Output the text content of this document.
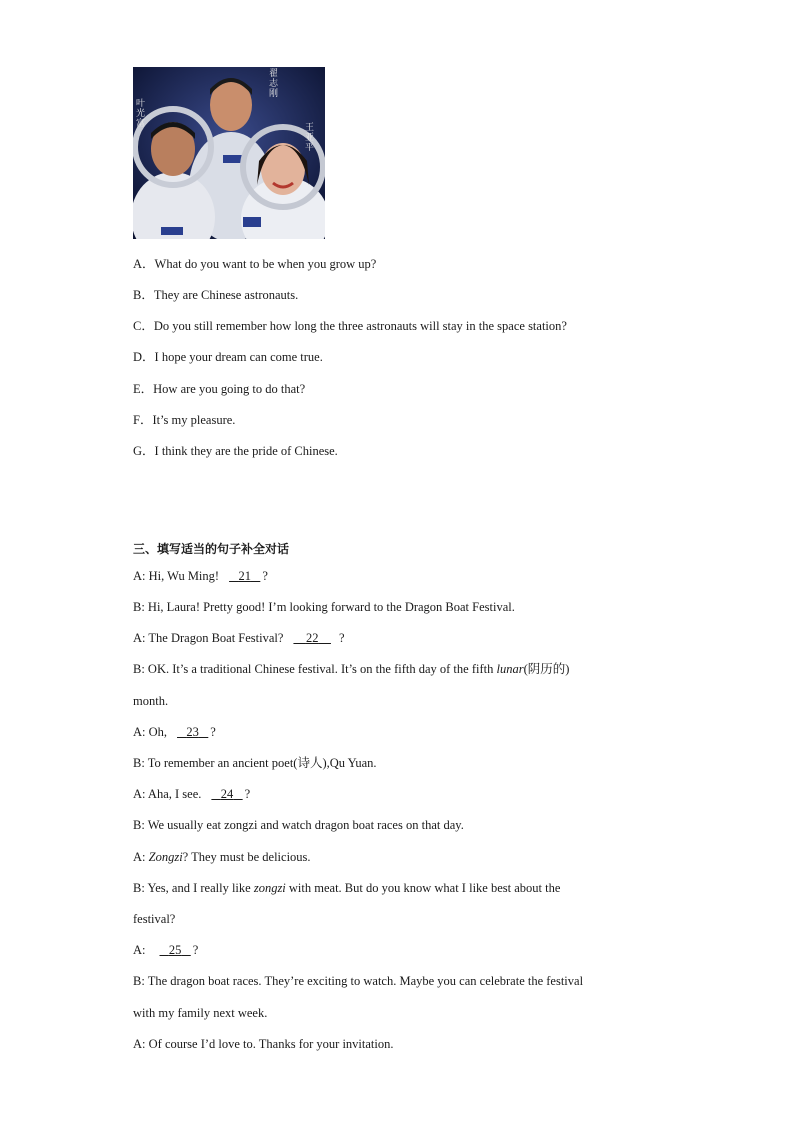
翟志刚
叶光富	王亚平
A．What do you want to be when you grow up?
B．They are Chinese astronauts.
C．Do you still remember how long the three astronauts will stay in the space station?
D．I hope your dream can come true.
E．How are you going to do that?
F．It’s my pleasure.
G．I think they are the pride of Chinese.
三、填写适当的句子补全对话
A: Hi, Wu Ming! 21 ?
B: Hi, Laura! Pretty good! I’m looking forward to the Dragon Boat Festival.
A: The Dragon Boat Festival? 22 ?
B: OK. It’s a traditional Chinese festival. It’s on the fifth day of the fifth lunar(阴历的)
month.
A: Oh, 23 ?
B: To remember an ancient poet(诗人),Qu Yuan.
A: Aha, I see. 24 ?
B: We usually eat zongzi and watch dragon boat races on that day.
A: Zongzi? They must be delicious.
B: Yes, and I really like zongzi with meat. But do you know what I like best about the
festival?
A: 25 ?
B: The dragon boat races. They’re exciting to watch. Maybe you can celebrate the festival
with my family next week.
A: Of course I’d love to. Thanks for your invitation.
